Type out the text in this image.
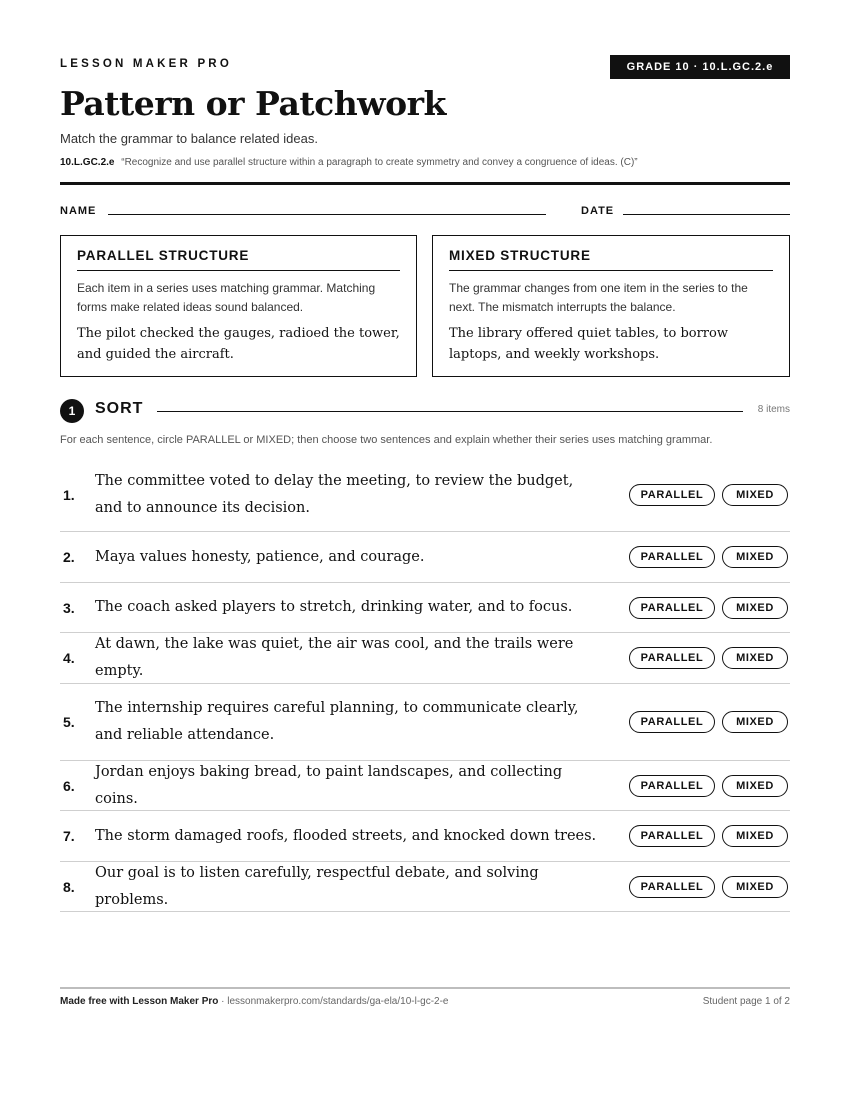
LESSON MAKER PRO	GRADE 10 · 10.L.GC.2.e
Pattern or Patchwork
Match the grammar to balance related ideas.
10.L.GC.2.e “Recognize and use parallel structure within a paragraph to create symmetry and convey a congruence of ideas. (C)”
NAME	DATE
PARALLEL STRUCTURE
Each item in a series uses matching grammar. Matching forms make related ideas sound balanced.
The pilot checked the gauges, radioed the tower, and guided the aircraft.
MIXED STRUCTURE
The grammar changes from one item in the series to the next. The mismatch interrupts the balance.
The library offered quiet tables, to borrow laptops, and weekly workshops.
1	SORT	8 items
For each sentence, circle PARALLEL or MIXED; then choose two sentences and explain whether their series uses matching grammar.
1.
The committee voted to delay the meeting, to review the budget, and to announce its decision.
PARALLEL	MIXED
2. Maya values honesty, patience, and courage.	PARALLEL	MIXED
3. The coach asked players to stretch, drinking water, and to focus.	PARALLEL	MIXED
4.
At dawn, the lake was quiet, the air was cool, and the trails were empty.
PARALLEL	MIXED
5.
The internship requires careful planning, to communicate clearly, and reliable attendance.
PARALLEL	MIXED
6.
Jordan enjoys baking bread, to paint landscapes, and collecting coins.
PARALLEL	MIXED
7. The storm damaged roofs, flooded streets, and knocked down trees.	PARALLEL	MIXED
8.
Our goal is to listen carefully, respectful debate, and solving problems.
PARALLEL	MIXED
Made free with Lesson Maker Pro · lessonmakerpro.com/standards/ga-ela/10-l-gc-2-e	Student page 1 of 2
